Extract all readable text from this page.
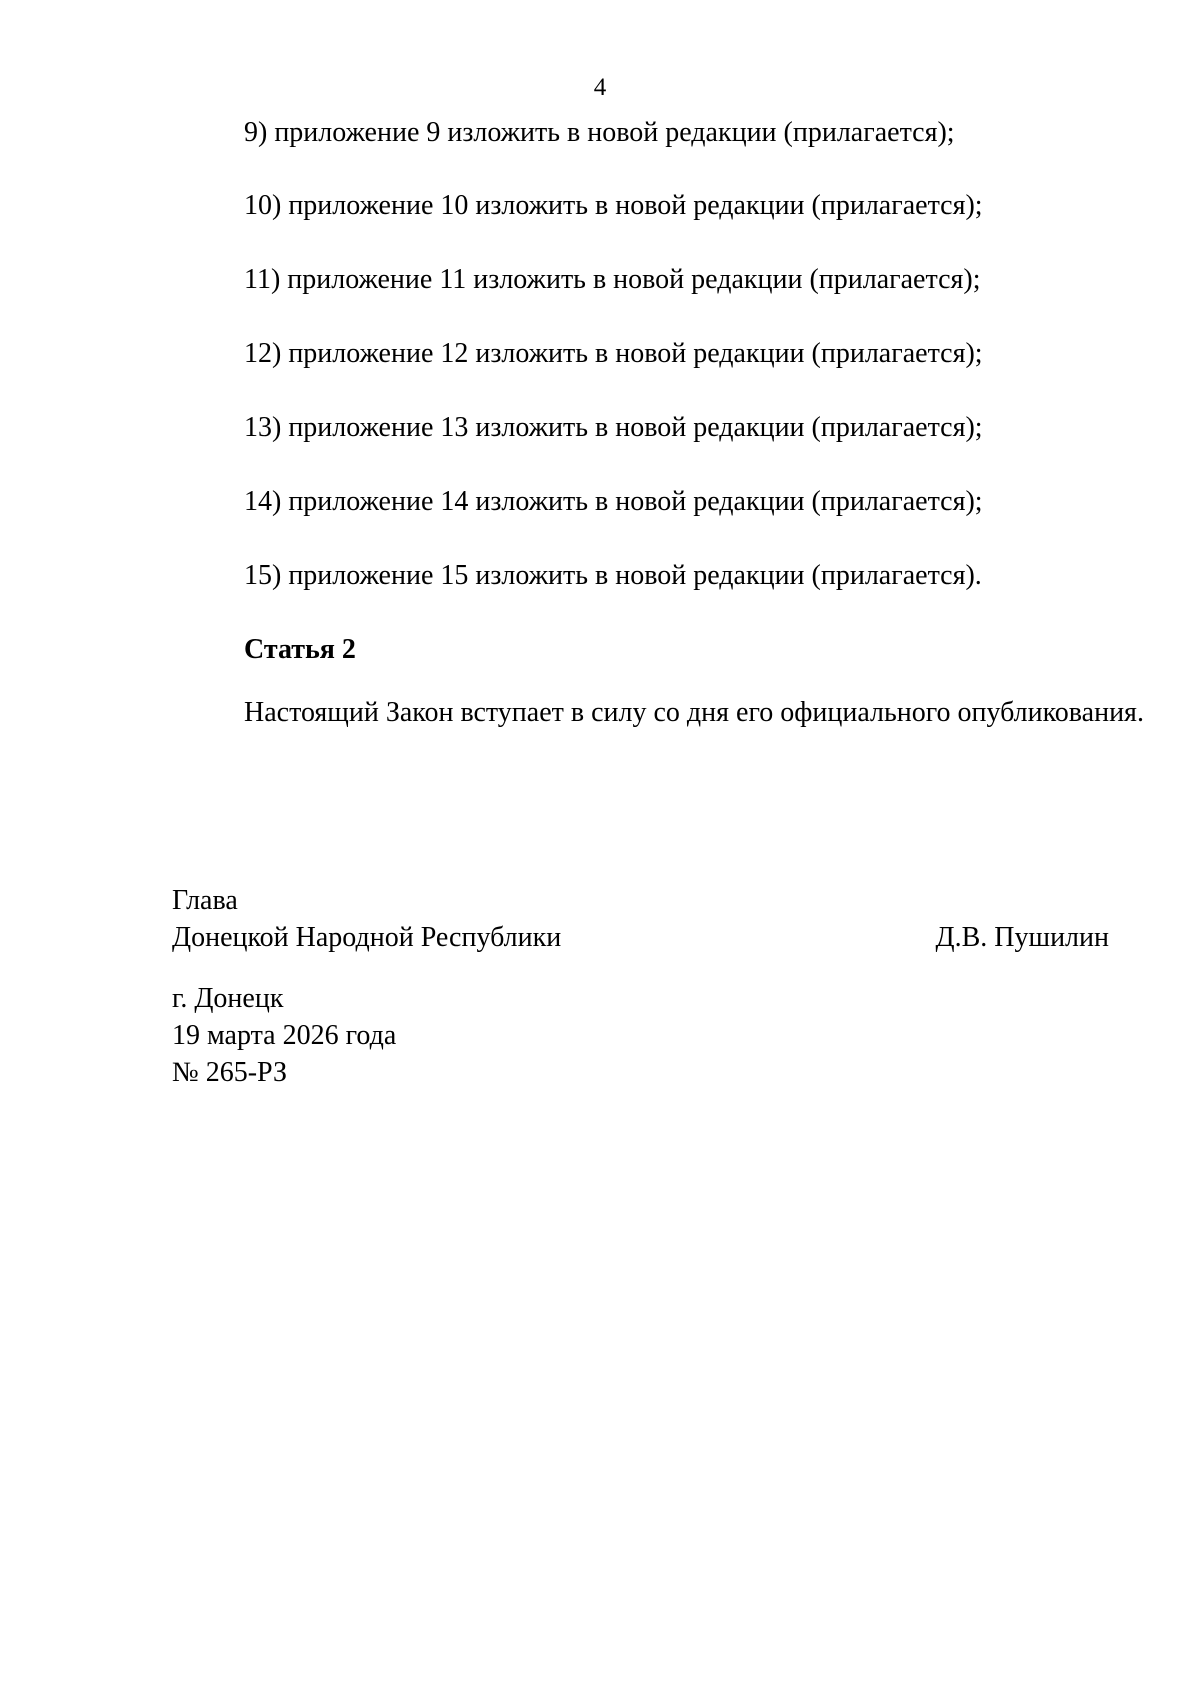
4

9) приложение 9 изложить в новой редакции (прилагается);

10) приложение 10 изложить в новой редакции (прилагается);

11) приложение 11 изложить в новой редакции (прилагается);

12) приложение 12 изложить в новой редакции (прилагается);

13) приложение 13 изложить в новой редакции (прилагается);

14) приложение 14 изложить в новой редакции (прилагается);

15) приложение 15 изложить в новой редакции (прилагается).

Статья 2

Настоящий Закон вступает в силу со дня его официального опубликования.

Глава

Донецкой Народной Республики	Д.В. Пушилин

г. Донецк

19 марта 2026 года

№ 265-РЗ
